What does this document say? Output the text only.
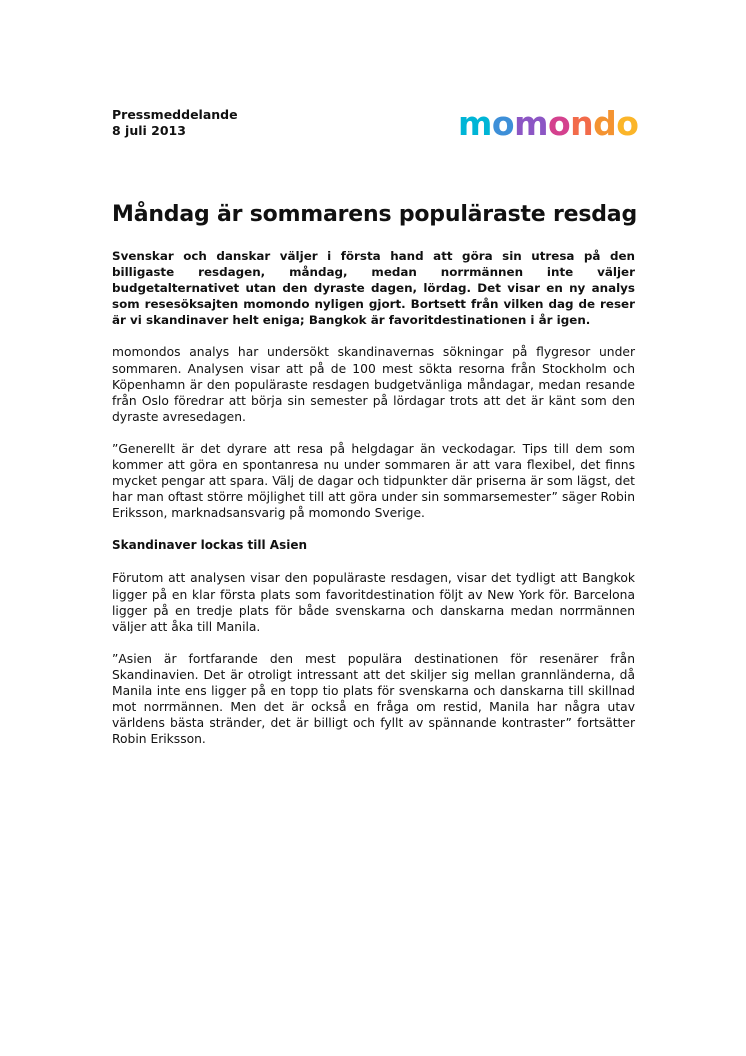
Pressmeddelande
8 juli 2013	momondo
Måndag är sommarens populäraste resdag

Svenskar och danskar väljer i första hand att göra sin utresa på den billigaste resdagen, måndag, medan norrmännen inte väljer budgetalternativet utan den dyraste dagen, lördag. Det visar en ny analys som resesöksajten momondo nyligen gjort. Bortsett från vilken dag de reser är vi skandinaver helt eniga; Bangkok är favoritdestinationen i år igen.

momondos analys har undersökt skandinavernas sökningar på flygresor under sommaren. Analysen visar att på de 100 mest sökta resorna från Stockholm och Köpenhamn är den populäraste resdagen budgetvänliga måndagar, medan resande från Oslo föredrar att börja sin semester på lördagar trots att det är känt som den dyraste avresedagen.

”Generellt är det dyrare att resa på helgdagar än veckodagar. Tips till dem som kommer att göra en spontanresa nu under sommaren är att vara flexibel, det finns mycket pengar att spara. Välj de dagar och tidpunkter där priserna är som lägst, det har man oftast större möjlighet till att göra under sin sommarsemester” säger Robin Eriksson, marknadsansvarig på momondo Sverige.

Skandinaver lockas till Asien

Förutom att analysen visar den populäraste resdagen, visar det tydligt att Bangkok ligger på en klar första plats som favoritdestination följt av New York för. Barcelona ligger på en tredje plats för både svenskarna och danskarna medan norrmännen väljer att åka till Manila.

”Asien är fortfarande den mest populära destinationen för resenärer från Skandinavien. Det är otroligt intressant att det skiljer sig mellan grannländerna, då Manila inte ens ligger på en topp tio plats för svenskarna och danskarna till skillnad mot norrmännen. Men det är också en fråga om restid, Manila har några utav världens bästa stränder, det är billigt och fyllt av spännande kontraster” fortsätter Robin Eriksson.
